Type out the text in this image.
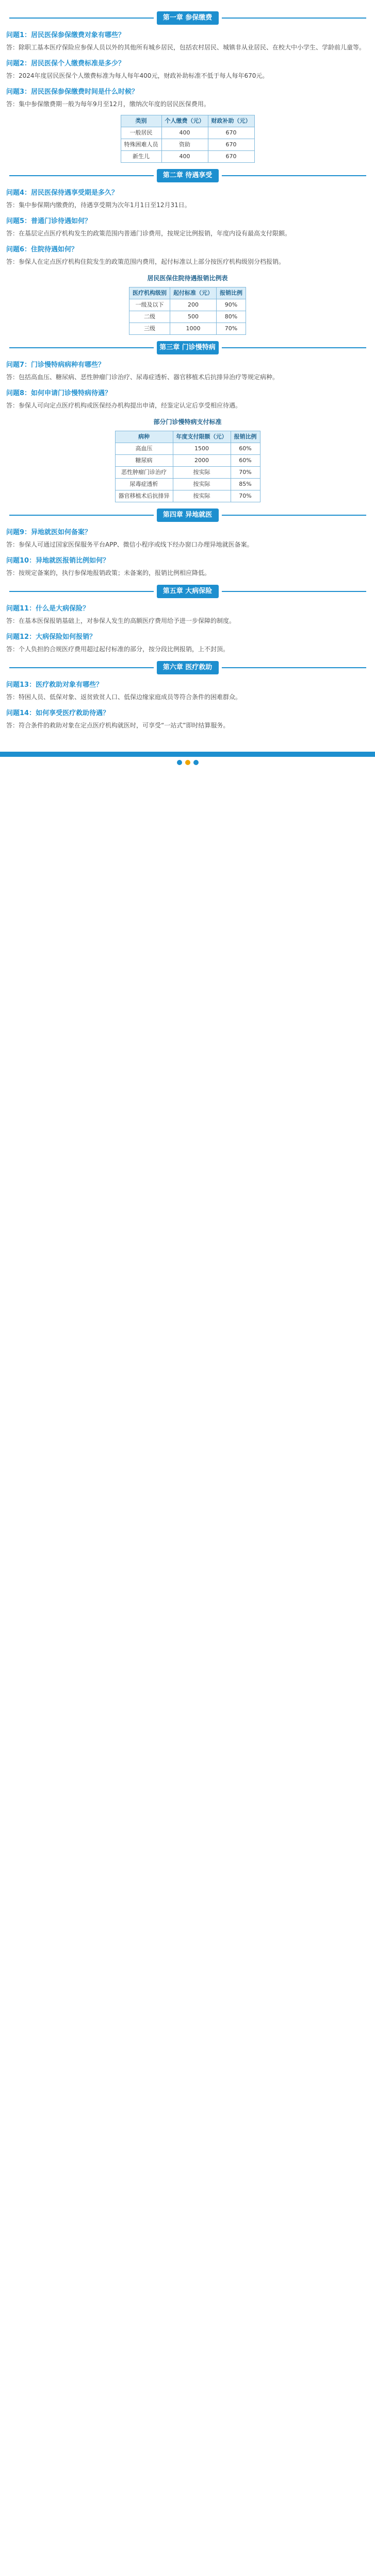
第一章 参保缴费
问题1：居民医保参保缴费对象有哪些？
答：除职工基本医疗保险应参保人员以外的其他所有城乡居民，包括农村居民、城镇非从业居民、在校大中小学生、学龄前儿童等。
问题2：居民医保个人缴费标准是多少？
答：2024年度居民医保个人缴费标准为每人每年400元，财政补助标准不低于每人每年670元。
问题3：居民医保参保缴费时间是什么时候？
答：集中参保缴费期一般为每年9月至12月，缴纳次年度的居民医保费用。
类别	个人缴费（元）	财政补助（元）
一般居民	400	670
特殊困难人员	资助	670
新生儿	400	670
第二章 待遇享受
问题4：居民医保待遇享受期是多久？
答：集中参保期内缴费的，待遇享受期为次年1月1日至12月31日。
问题5：普通门诊待遇如何？
答：在基层定点医疗机构发生的政策范围内普通门诊费用，按规定比例报销，年度内设有最高支付限额。
问题6：住院待遇如何？
答：参保人在定点医疗机构住院发生的政策范围内费用，起付标准以上部分按医疗机构级别分档报销。
居民医保住院待遇报销比例表
医疗机构级别	起付标准（元）	报销比例
一级及以下	200	90%
二级	500	80%
三级	1000	70%
第三章 门诊慢特病
问题7：门诊慢特病病种有哪些？
答：包括高血压、糖尿病、恶性肿瘤门诊治疗、尿毒症透析、器官移植术后抗排异治疗等规定病种。
问题8：如何申请门诊慢特病待遇？
答：参保人可向定点医疗机构或医保经办机构提出申请，经鉴定认定后享受相应待遇。
部分门诊慢特病支付标准
病种	年度支付限额（元）	报销比例
高血压	1500	60%
糖尿病	2000	60%
恶性肿瘤门诊治疗	按实际	70%
尿毒症透析	按实际	85%
器官移植术后抗排异	按实际	70%
第四章 异地就医
问题9：异地就医如何备案？
答：参保人可通过国家医保服务平台APP、微信小程序或线下经办窗口办理异地就医备案。
问题10：异地就医报销比例如何？
答：按规定备案的，执行参保地报销政策；未备案的，报销比例相应降低。
第五章 大病保险
问题11：什么是大病保险？
答：在基本医保报销基础上，对参保人发生的高额医疗费用给予进一步保障的制度。
问题12：大病保险如何报销？
答：个人负担的合规医疗费用超过起付标准的部分，按分段比例报销，上不封顶。
第六章 医疗救助
问题13：医疗救助对象有哪些？
答：特困人员、低保对象、返贫致贫人口、低保边缘家庭成员等符合条件的困难群众。
问题14：如何享受医疗救助待遇？
答：符合条件的救助对象在定点医疗机构就医时，可享受“一站式”即时结算服务。
